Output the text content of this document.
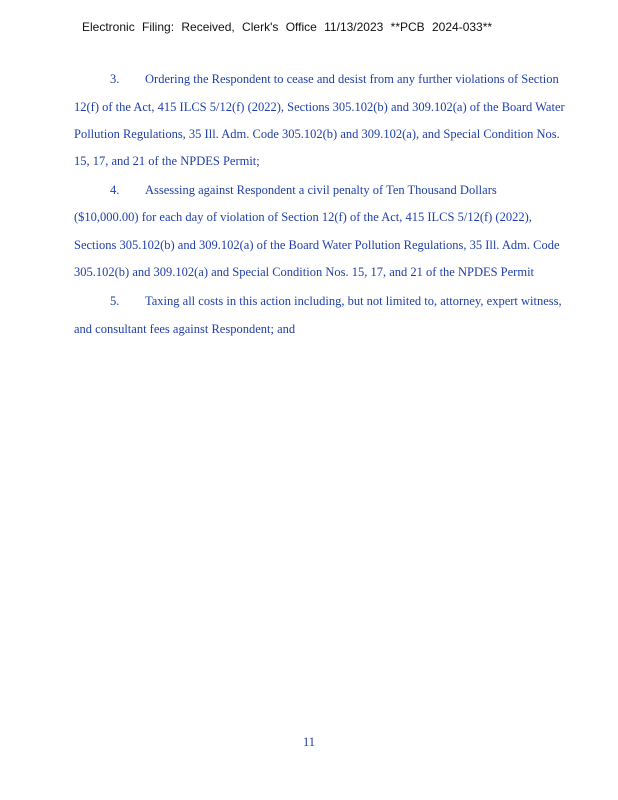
Electronic Filing: Received, Clerk's Office 11/13/2023 **PCB 2024-033**
3. Ordering the Respondent to cease and desist from any further violations of Section
12(f) of the Act, 415 ILCS 5/12(f) (2022), Sections 305.102(b) and 309.102(a) of the Board Water
Pollution Regulations, 35 Ill. Adm. Code 305.102(b) and 309.102(a), and Special Condition Nos.
15, 17, and 21 of the NPDES Permit;
4. Assessing against Respondent a civil penalty of Ten Thousand Dollars
($10,000.00) for each day of violation of Section 12(f) of the Act, 415 ILCS 5/12(f) (2022),
Sections 305.102(b) and 309.102(a) of the Board Water Pollution Regulations, 35 Ill. Adm. Code
305.102(b) and 309.102(a) and Special Condition Nos. 15, 17, and 21 of the NPDES Permit
5. Taxing all costs in this action including, but not limited to, attorney, expert witness,
and consultant fees against Respondent; and
11
